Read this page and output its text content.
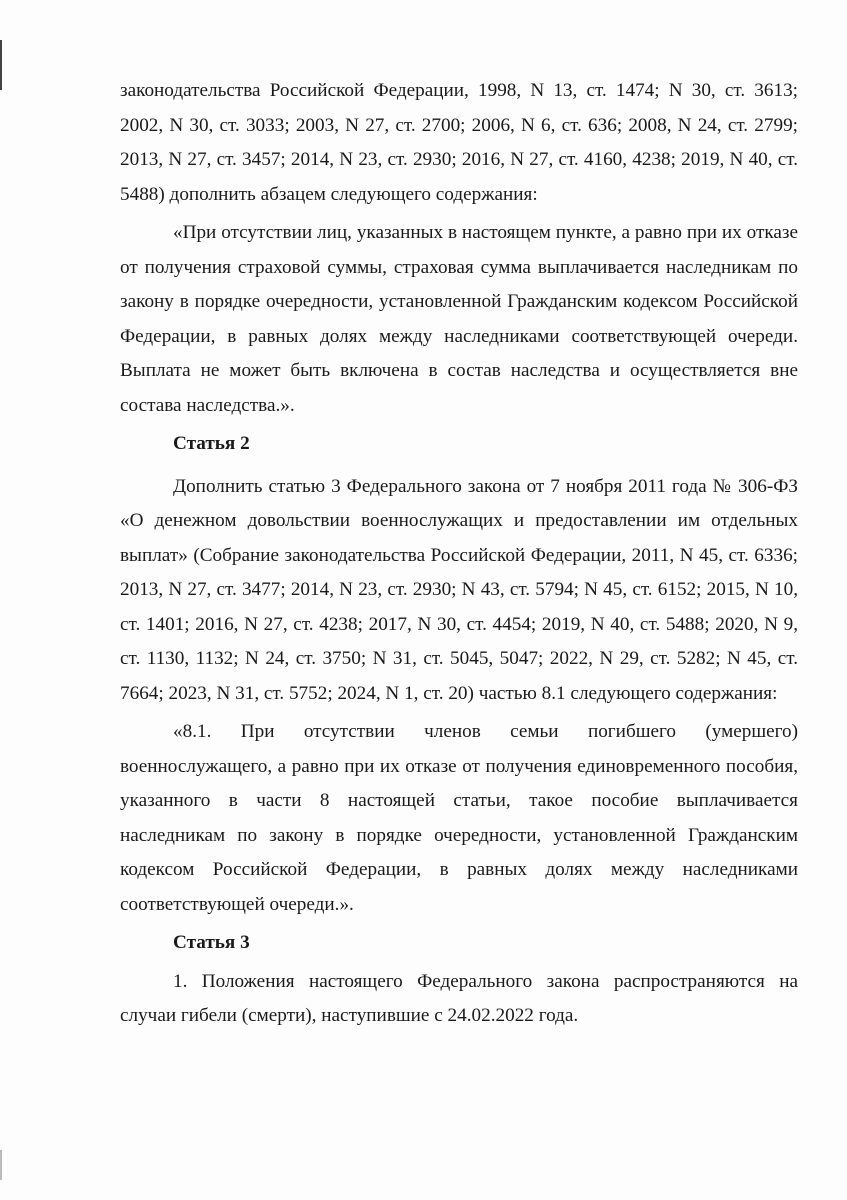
законодательства Российской Федерации, 1998, N 13, ст. 1474; N 30, ст. 3613; 2002, N 30, ст. 3033; 2003, N 27, ст. 2700; 2006, N 6, ст. 636; 2008, N 24, ст. 2799; 2013, N 27, ст. 3457; 2014, N 23, ст. 2930; 2016, N 27, ст. 4160, 4238; 2019, N 40, ст. 5488) дополнить абзацем следующего содержания:

«При отсутствии лиц, указанных в настоящем пункте, а равно при их отказе от получения страховой суммы, страховая сумма выплачивается наследникам по закону в порядке очередности, установленной Гражданским кодексом Российской Федерации, в равных долях между наследниками соответствующей очереди. Выплата не может быть включена в состав наследства и осуществляется вне состава наследства.».

Статья 2

Дополнить статью 3 Федерального закона от 7 ноября 2011 года № 306-ФЗ «О денежном довольствии военнослужащих и предоставлении им отдельных выплат» (Собрание законодательства Российской Федерации, 2011, N 45, ст. 6336; 2013, N 27, ст. 3477; 2014, N 23, ст. 2930; N 43, ст. 5794; N 45, ст. 6152; 2015, N 10, ст. 1401; 2016, N 27, ст. 4238; 2017, N 30, ст. 4454; 2019, N 40, ст. 5488; 2020, N 9, ст. 1130, 1132; N 24, ст. 3750; N 31, ст. 5045, 5047; 2022, N 29, ст. 5282; N 45, ст. 7664; 2023, N 31, ст. 5752; 2024, N 1, ст. 20) частью 8.1 следующего содержания:

«8.1. При отсутствии членов семьи погибшего (умершего) военнослужащего, а равно при их отказе от получения единовременного пособия, указанного в части 8 настоящей статьи, такое пособие выплачивается наследникам по закону в порядке очередности, установленной Гражданским кодексом Российской Федерации, в равных долях между наследниками соответствующей очереди.».

Статья 3

1. Положения настоящего Федерального закона распространяются на случаи гибели (смерти), наступившие с 24.02.2022 года.
